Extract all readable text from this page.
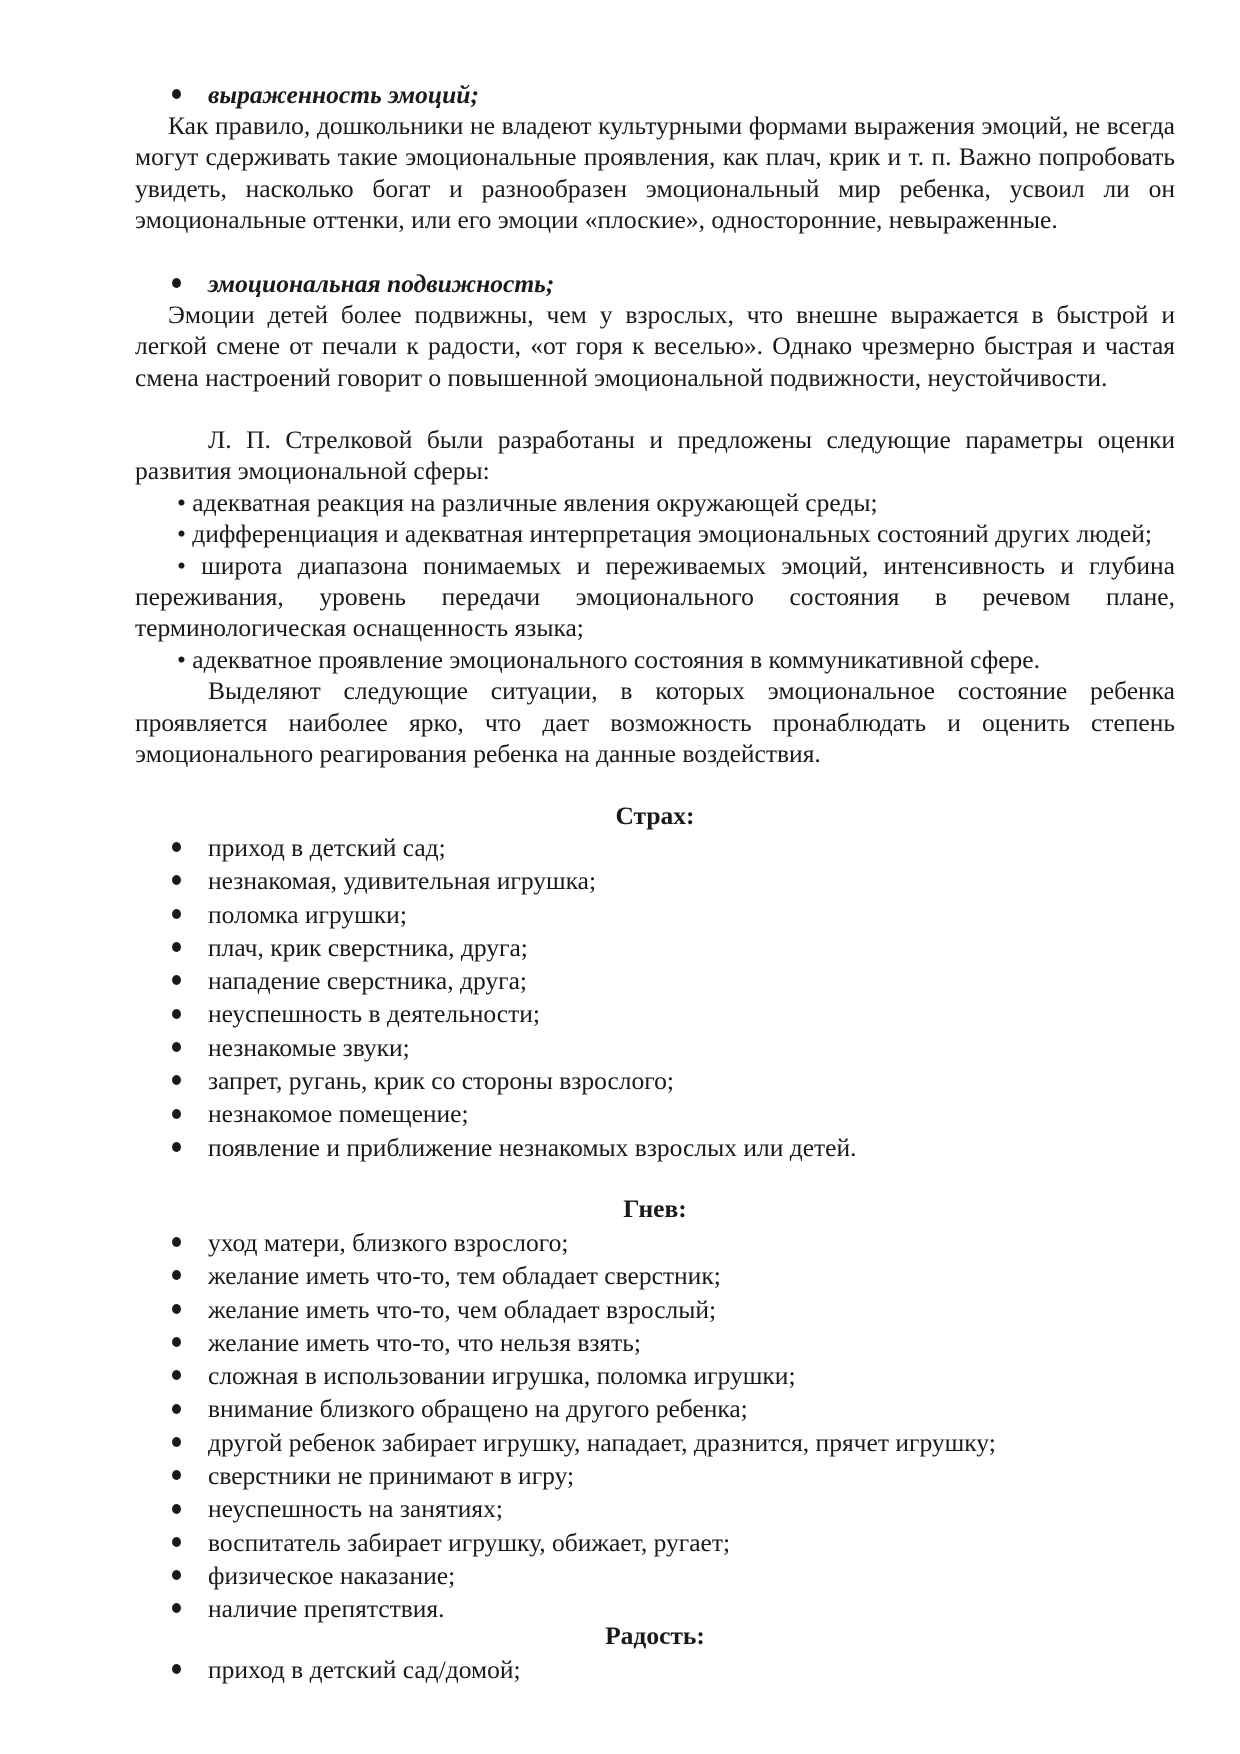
выраженность эмоций;

Как правило, дошкольники не владеют культурными формами выражения эмоций, не всегда могут сдерживать такие эмоциональные проявления, как плач, крик и т. п. Важно попробовать увидеть, насколько богат и разнообразен эмоциональный мир ребенка, усвоил ли он эмоциональные оттенки, или его эмоции «плоские», односторонние, невыраженные.

эмоциональная подвижность;

Эмоции детей более подвижны, чем у взрослых, что внешне выражается в быстрой и легкой смене от печали к радости, «от горя к веселью». Однако чрезмерно быстрая и частая смена настроений говорит о повышенной эмоциональной подвижности, неустойчивости.

Л. П. Стрелковой были разработаны и предложены следующие параметры оценки развития эмоциональной сферы:

• адекватная реакция на различные явления окружающей среды;

• дифференциация и адекватная интерпретация эмоциональных состояний других людей;

• широта диапазона понимаемых и переживаемых эмоций, интенсивность и глубина переживания, уровень передачи эмоционального состояния в речевом плане, терминологическая оснащенность языка;

• адекватное проявление эмоционального состояния в коммуникативной сфере.

Выделяют следующие ситуации, в которых эмоциональное состояние ребенка проявляется наиболее ярко, что дает возможность пронаблюдать и оценить степень эмоционального реагирования ребенка на данные воздействия.

Страх:
приход в детский сад;
незнакомая, удивительная игрушка;
поломка игрушки;
плач, крик сверстника, друга;
нападение сверстника, друга;
неуспешность в деятельности;
незнакомые звуки;
запрет, ругань, крик со стороны взрослого;
незнакомое помещение;
появление и приближение незнакомых взрослых или детей.
Гнев:
уход матери, близкого взрослого;
желание иметь что-то, тем обладает сверстник;
желание иметь что-то, чем обладает взрослый;
желание иметь что-то, что нельзя взять;
сложная в использовании игрушка, поломка игрушки;
внимание близкого обращено на другого ребенка;
другой ребенок забирает игрушку, нападает, дразнится, прячет игрушку;
сверстники не принимают в игру;
неуспешность на занятиях;
воспитатель забирает игрушку, обижает, ругает;
физическое наказание;
наличие препятствия.
Радость:
приход в детский сад/домой;
